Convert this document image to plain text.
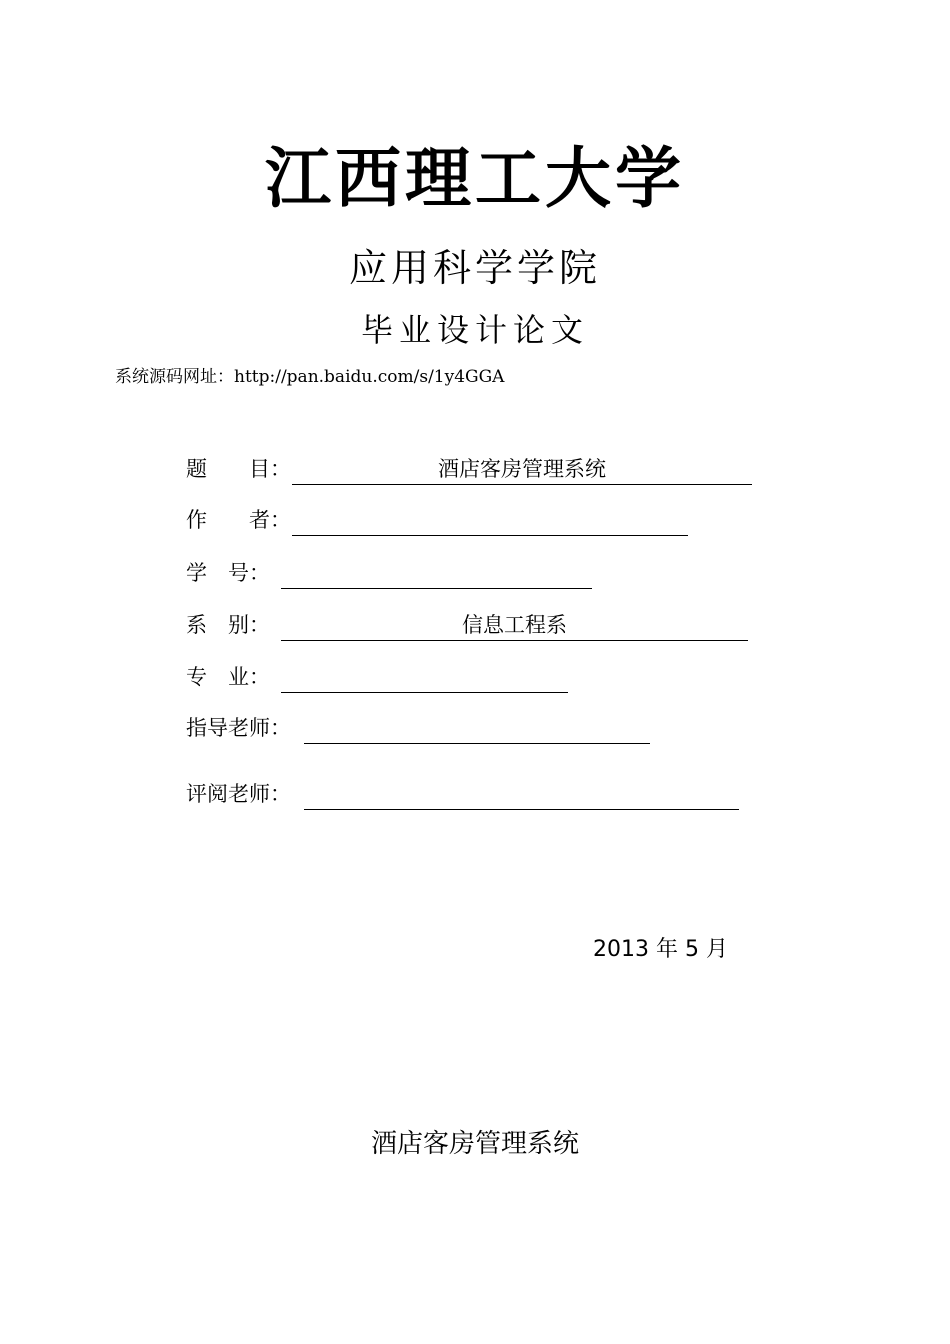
江西理工大学
应用科学学院
毕业设计论文
系统源码网址：http://pan.baidu.com/s/1y4GGA
题　　目：	酒店客房管理系统
作　　者：
学　号：
系　别：	信息工程系
专　业：
指导老师：
评阅老师：
2013 年 5 月
酒店客房管理系统
